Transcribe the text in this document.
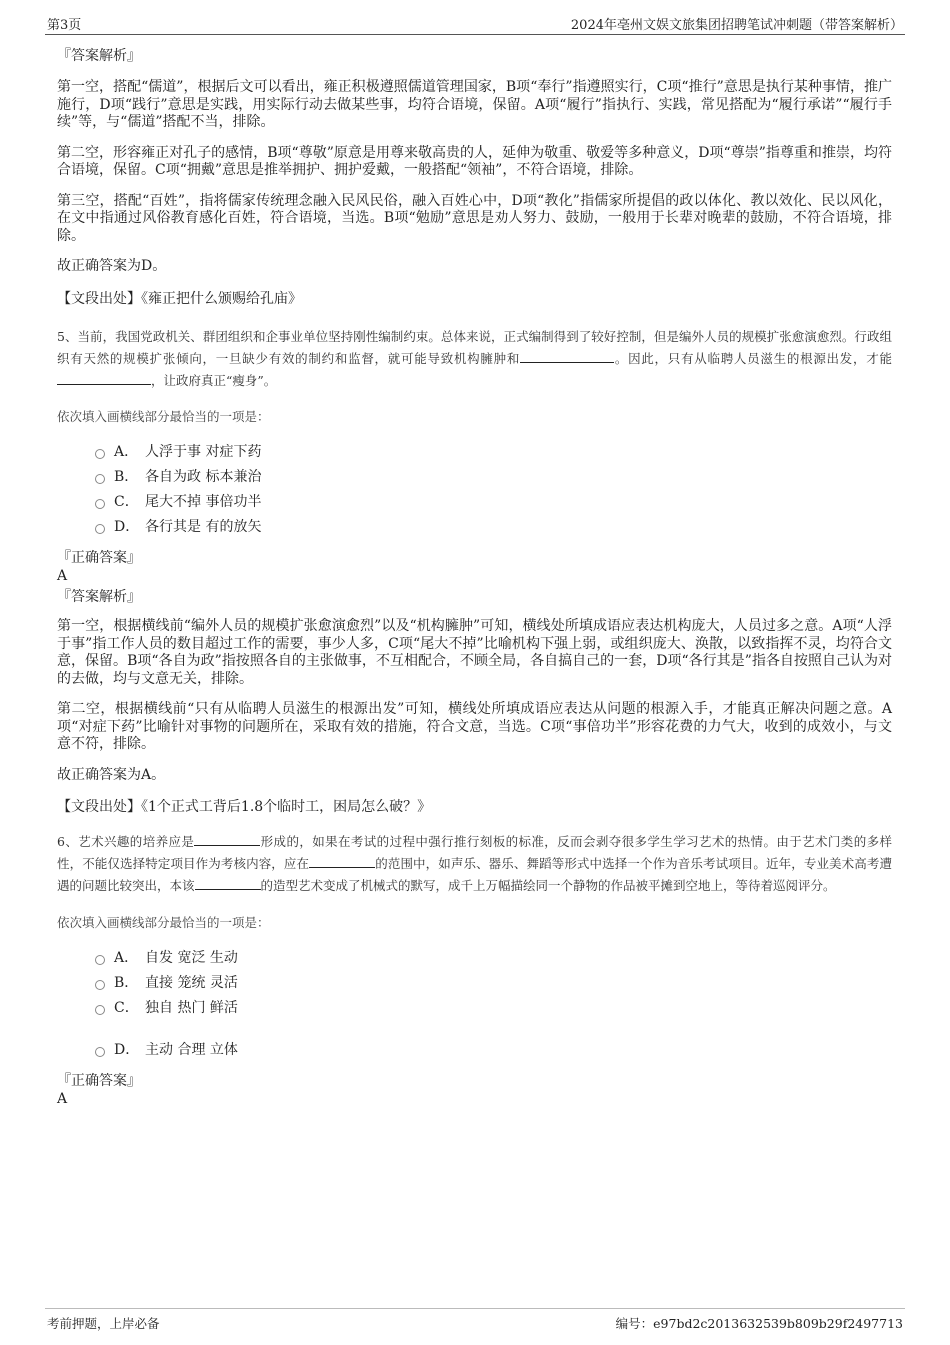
第3页	2024年亳州文娱文旅集团招聘笔试冲刺题（带答案解析）

『答案解析』

第一空，搭配“儒道”，根据后文可以看出，雍正积极遵照儒道管理国家，B项“奉行”指遵照实行，C项“推行”意思是执行某种事情，推广施行，D项“践行”意思是实践，用实际行动去做某些事，均符合语境，保留。A项“履行”指执行、实践，常见搭配为“履行承诺”“履行手续”等，与“儒道”搭配不当，排除。

第二空，形容雍正对孔子的感情，B项“尊敬”原意是用尊来敬高贵的人，延伸为敬重、敬爱等多种意义，D项“尊崇”指尊重和推崇，均符合语境，保留。C项“拥戴”意思是推举拥护、拥护爱戴，一般搭配“领袖”，不符合语境，排除。

第三空，搭配“百姓”，指将儒家传统理念融入民风民俗，融入百姓心中，D项“教化”指儒家所提倡的政以体化、教以效化、民以风化，在文中指通过风俗教育感化百姓，符合语境，当选。B项“勉励”意思是劝人努力、鼓励，一般用于长辈对晚辈的鼓励，不符合语境，排除。

故正确答案为D。

【文段出处】《雍正把什么颁赐给孔庙》

5、当前，我国党政机关、群团组织和企事业单位坚持刚性编制约束。总体来说，正式编制得到了较好控制，但是编外人员的规模扩张愈演愈烈。行政组织有天然的规模扩张倾向，一旦缺少有效的制约和监督，就可能导致机构臃肿和	。因此，只有从临聘人员滋生的根源出发，才能，让政府真正“瘦身”。

依次填入画横线部分最恰当的一项是：

A． 人浮于事 对症下药
B． 各自为政 标本兼治
C． 尾大不掉 事倍功半
D． 各行其是 有的放矢

『正确答案』

A

『答案解析』

第一空，根据横线前“编外人员的规模扩张愈演愈烈”以及“机构臃肿”可知，横线处所填成语应表达机构庞大，人员过多之意。A项“人浮于事”指工作人员的数目超过工作的需要，事少人多，C项“尾大不掉”比喻机构下强上弱，或组织庞大、涣散，以致指挥不灵，均符合文意，保留。B项“各自为政”指按照各自的主张做事，不互相配合，不顾全局，各自搞自己的一套，D项“各行其是”指各自按照自己认为对的去做，均与文意无关，排除。

第二空，根据横线前“只有从临聘人员滋生的根源出发”可知，横线处所填成语应表达从问题的根源入手，才能真正解决问题之意。A项“对症下药”比喻针对事物的问题所在，采取有效的措施，符合文意，当选。C项“事倍功半”形容花费的力气大，收到的成效小，与文意不符，排除。

故正确答案为A。

【文段出处】《1个正式工背后1.8个临时工，困局怎么破？》

6、艺术兴趣的培养应是	形成的，如果在考试的过程中强行推行刻板的标准，反而会剥夺很多学生学习艺术的热情。由于艺术门类的多样性，不能仅选择特定项目作为考核内容，应在	的范围中，如声乐、器乐、舞蹈等形式中选择一个作为音乐考试项目。近年，专业美术高考遭遇的问题比较突出，本该	的造型艺术变成了机械式的默写，成千上万幅描绘同一个静物的作品被平摊到空地上，等待着巡阅评分。

依次填入画横线部分最恰当的一项是：

A． 自发 宽泛 生动
B． 直接 笼统 灵活
C． 独自 热门 鲜活
D． 主动 合理 立体

『正确答案』

A

考前押题，上岸必备	编号：e97bd2c2013632539b809b29f2497713
